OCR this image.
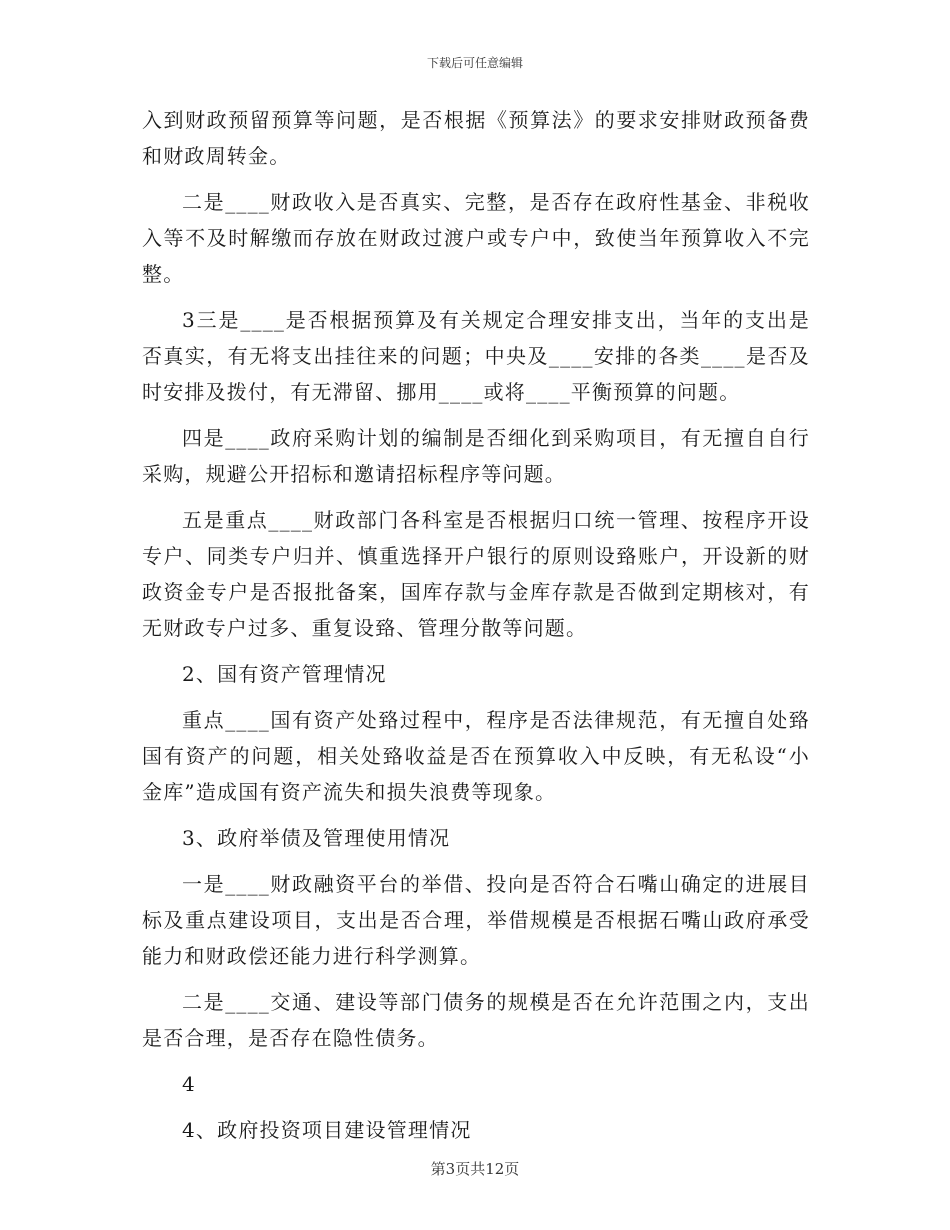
下载后可任意编辑

入到财政预留预算等问题，是否根据《预算法》的要求安排财政预备费和财政周转金。

二是____财政收入是否真实、完整，是否存在政府性基金、非税收入等不及时解缴而存放在财政过渡户或专户中，致使当年预算收入不完整。

3三是____是否根据预算及有关规定合理安排支出，当年的支出是否真实，有无将支出挂往来的问题；中央及____安排的各类____是否及时安排及拨付，有无滞留、挪用____或将____平衡预算的问题。

四是____政府采购计划的编制是否细化到采购项目，有无擅自自行采购，规避公开招标和邀请招标程序等问题。

五是重点____财政部门各科室是否根据归口统一管理、按程序开设专户、同类专户归并、慎重选择开户银行的原则设臵账户，开设新的财政资金专户是否报批备案，国库存款与金库存款是否做到定期核对，有无财政专户过多、重复设臵、管理分散等问题。

2、国有资产管理情况

重点____国有资产处臵过程中，程序是否法律规范，有无擅自处臵国有资产的问题，相关处臵收益是否在预算收入中反映，有无私设“小金库”造成国有资产流失和损失浪费等现象。

3、政府举债及管理使用情况

一是____财政融资平台的举借、投向是否符合石嘴山确定的进展目标及重点建设项目，支出是否合理，举借规模是否根据石嘴山政府承受能力和财政偿还能力进行科学测算。

二是____交通、建设等部门债务的规模是否在允许范围之内，支出是否合理，是否存在隐性债务。

4

4、政府投资项目建设管理情况

第3页共12页
